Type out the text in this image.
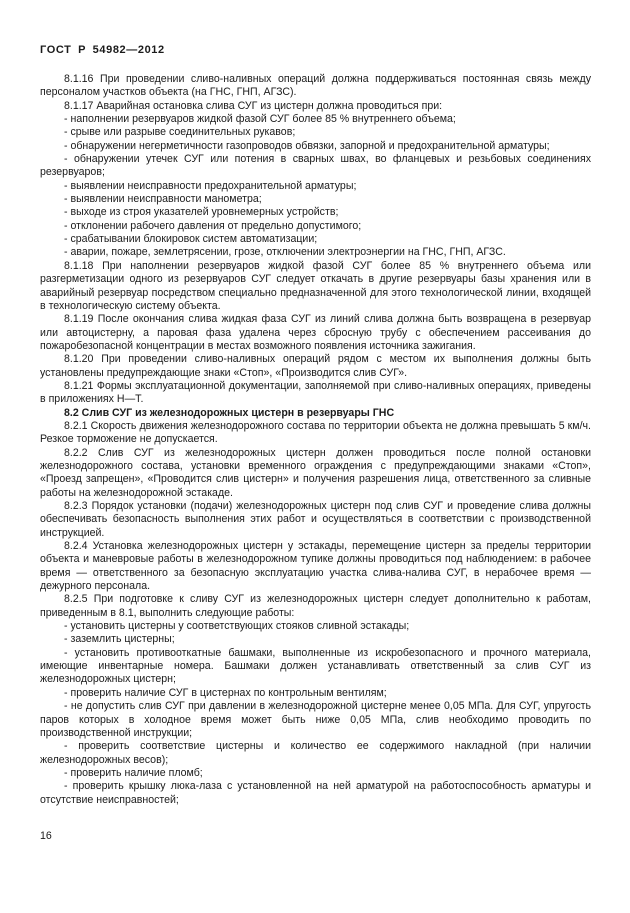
ГОСТ Р 54982—2012

8.1.16 При проведении сливо-наливных операций должна поддерживаться постоянная связь между персоналом участков объекта (на ГНС, ГНП, АГЗС).

8.1.17 Аварийная остановка слива СУГ из цистерн должна проводиться при:

- наполнении резервуаров жидкой фазой СУГ более 85 % внутреннего объема;

- срыве или разрыве соединительных рукавов;

- обнаружении негерметичности газопроводов обвязки, запорной и предохранительной арматуры;

- обнаружении утечек СУГ или потения в сварных швах, во фланцевых и резьбовых соединениях резервуаров;

- выявлении неисправности предохранительной арматуры;

- выявлении неисправности манометра;

- выходе из строя указателей уровнемерных устройств;

- отклонении рабочего давления от предельно допустимого;

- срабатывании блокировок систем автоматизации;

- аварии, пожаре, землетрясении, грозе, отключении электроэнергии на ГНС, ГНП, АГЗС.

8.1.18 При наполнении резервуаров жидкой фазой СУГ более 85 % внутреннего объема или разгерметизации одного из резервуаров СУГ следует откачать в другие резервуары базы хранения или в аварийный резервуар посредством специально предназначенной для этого технологической линии, входящей в технологическую систему объекта.

8.1.19 После окончания слива жидкая фаза СУГ из линий слива должна быть возвращена в резервуар или автоцистерну, а паровая фаза удалена через сбросную трубу с обеспечением рассеивания до пожаробезопасной концентрации в местах возможного появления источника зажигания.

8.1.20 При проведении сливо-наливных операций рядом с местом их выполнения должны быть установлены предупреждающие знаки «Стоп», «Производится слив СУГ».

8.1.21 Формы эксплуатационной документации, заполняемой при сливо-наливных операциях, приведены в приложениях Н—Т.

8.2 Слив СУГ из железнодорожных цистерн в резервуары ГНС

8.2.1 Скорость движения железнодорожного состава по территории объекта не должна превышать 5 км/ч. Резкое торможение не допускается.

8.2.2 Слив СУГ из железнодорожных цистерн должен проводиться после полной остановки железнодорожного состава, установки временного ограждения с предупреждающими знаками «Стоп», «Проезд запрещен», «Проводится слив цистерн» и получения разрешения лица, ответственного за сливные работы на железнодорожной эстакаде.

8.2.3 Порядок установки (подачи) железнодорожных цистерн под слив СУГ и проведение слива должны обеспечивать безопасность выполнения этих работ и осуществляться в соответствии с производственной инструкцией.

8.2.4 Установка железнодорожных цистерн у эстакады, перемещение цистерн за пределы территории объекта и маневровые работы в железнодорожном тупике должны проводиться под наблюдением: в рабочее время — ответственного за безопасную эксплуатацию участка слива-налива СУГ, в нерабочее время — дежурного персонала.

8.2.5 При подготовке к сливу СУГ из железнодорожных цистерн следует дополнительно к работам, приведенным в 8.1, выполнить следующие работы:

- установить цистерны у соответствующих стояков сливной эстакады;

- заземлить цистерны;

- установить противооткатные башмаки, выполненные из искробезопасного и прочного материала, имеющие инвентарные номера. Башмаки должен устанавливать ответственный за слив СУГ из железнодорожных цистерн;

- проверить наличие СУГ в цистернах по контрольным вентилям;

- не допустить слив СУГ при давлении в железнодорожной цистерне менее 0,05 МПа. Для СУГ, упругость паров которых в холодное время может быть ниже 0,05 МПа, слив необходимо проводить по производственной инструкции;

- проверить соответствие цистерны и количество ее содержимого накладной (при наличии железнодорожных весов);

- проверить наличие пломб;

- проверить крышку люка-лаза с установленной на ней арматурой на работоспособность арматуры и отсутствие неисправностей;

16
